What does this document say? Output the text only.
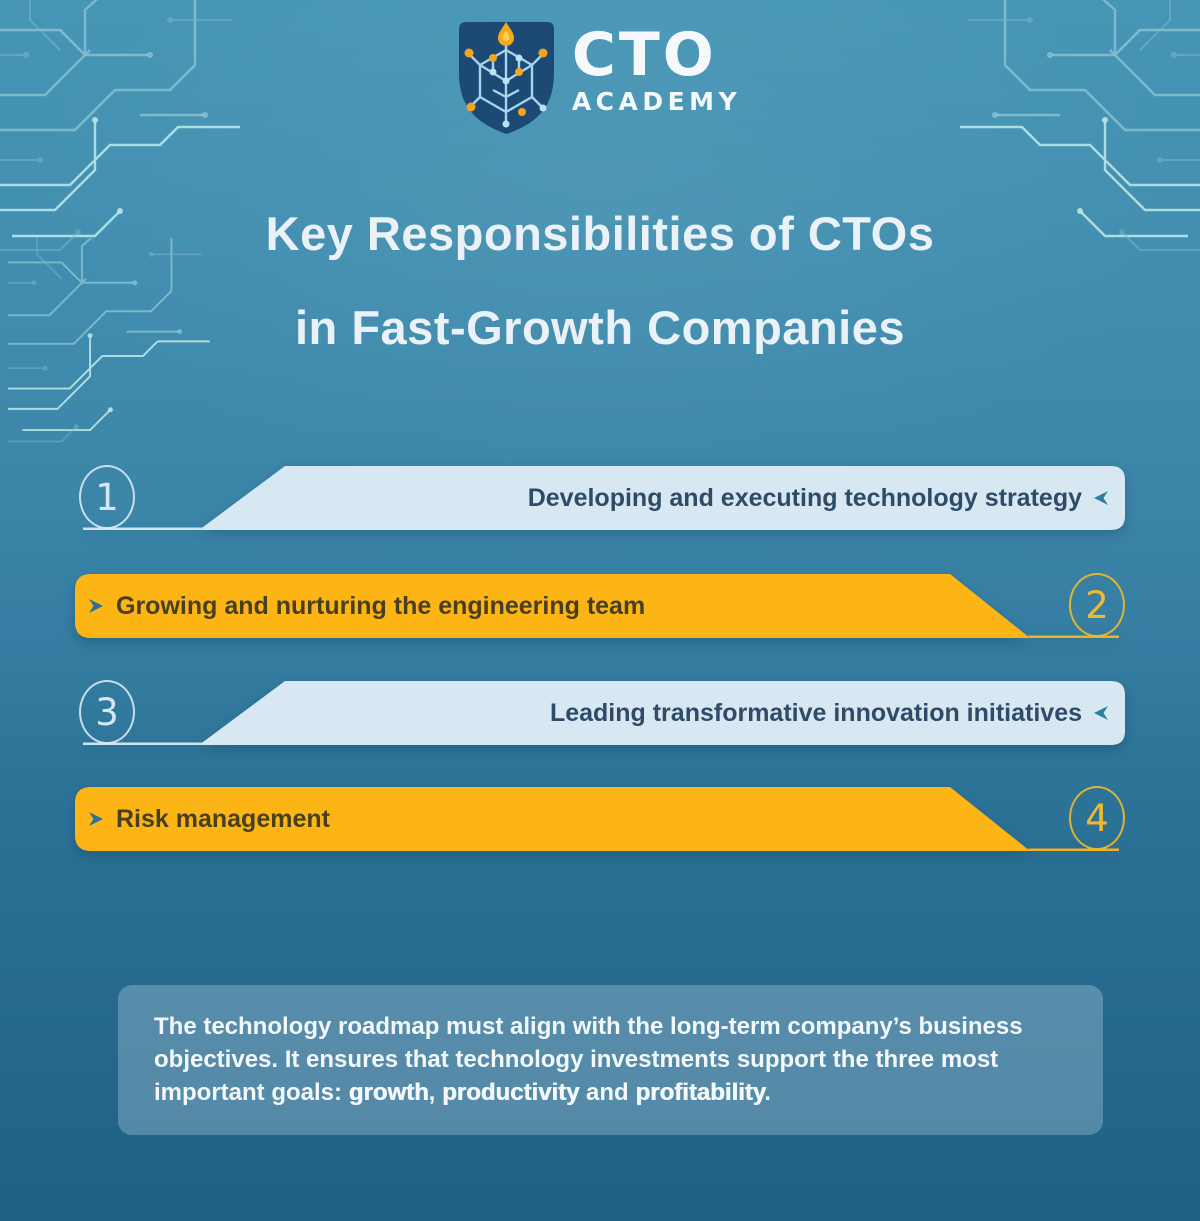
CTO
ACADEMY
Key Responsibilities of CTOs
in Fast-Growth Companies
Developing and executing technology strategy
1
Growing and nurturing the engineering team	2
Leading transformative innovation initiatives
3
Risk management	4

The technology roadmap must align with the long-term company’s business objectives. It ensures that technology investments support the three most important goals: growth, productivity and profitability.
